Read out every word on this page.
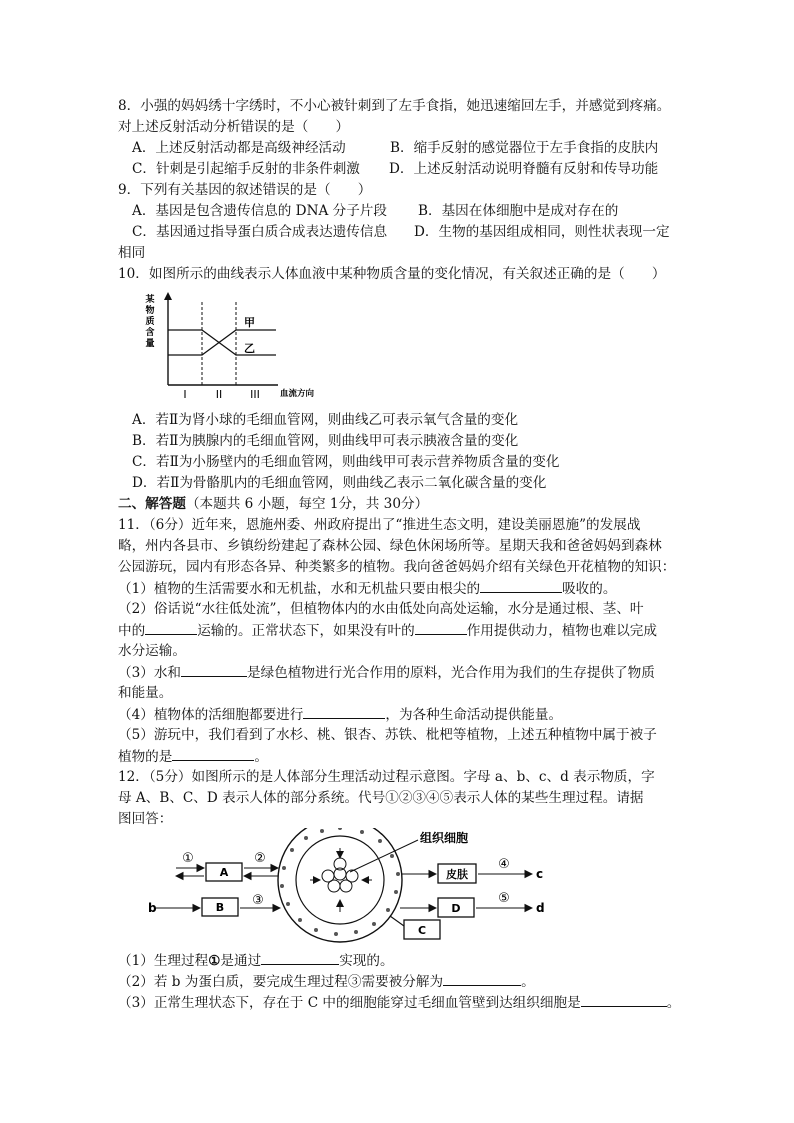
8．小强的妈妈绣十字绣时，不小心被针刺到了左手食指，她迅速缩回左手，并感觉到疼痛。
对上述反射活动分析错误的是（　　）
A．上述反射活动都是高级神经活动	B．缩手反射的感觉器位于左手食指的皮肤内
C．针刺是引起缩手反射的非条件刺激 D．上述反射活动说明脊髓有反射和传导功能
9．下列有关基因的叙述错误的是（　　）
A．基因是包含遗传信息的 DNA 分子片段 B．基因在体细胞中是成对存在的
C．基因通过指导蛋白质合成表达遗传信息 D．生物的基因组成相同，则性状表现一定
相同
10．如图所示的曲线表示人体血液中某种物质含量的变化情况，有关叙述正确的是（　　）
某
物
质
含
量
甲
乙
I	II	III 血流方向
A．若Ⅱ为肾小球的毛细血管网，则曲线乙可表示氧气含量的变化
B．若Ⅱ为胰腺内的毛细血管网，则曲线甲可表示胰液含量的变化
C．若Ⅱ为小肠壁内的毛细血管网，则曲线甲可表示营养物质含量的变化
D．若Ⅱ为骨骼肌内的毛细血管网，则曲线乙表示二氧化碳含量的变化
二、解答题（本题共 6 小题，每空 1分，共 30分）
11．（6分）近年来，恩施州委、州政府提出了“推进生态文明，建设美丽恩施”的发展战
略，州内各县市、乡镇纷纷建起了森林公园、绿色休闲场所等。星期天我和爸爸妈妈到森林
公园游玩，园内有形态各异、种类繁多的植物。我向爸爸妈妈介绍有关绿色开花植物的知识：
（1）植物的生活需要水和无机盐，水和无机盐只要由根尖的	吸收的。
（2）俗话说“水往低处流”，但植物体内的水由低处向高处运输，水分是通过根、茎、叶
中的	运输的。正常状态下，如果没有叶的	作用提供动力，植物也难以完成
水分运输。
（3）水和	是绿色植物进行光合作用的原料，光合作用为我们的生存提供了物质
和能量。
（4）植物体的活细胞都要进行	，为各种生命活动提供能量。
（5）游玩中，我们看到了水杉、桃、银杏、苏铁、枇杷等植物，上述五种植物中属于被子
植物的是	。
12．（5分）如图所示的是人体部分生理活动过程示意图。字母 a、b、c、d 表示物质，字
母 A、B、C、D 表示人体的部分系统。代号①②③④⑤表示人体的某些生理过程。请据
图回答：
组织细胞
A
①	②
B
b	③
皮肤
④
c
D
⑤
d
C
（1）生理过程①是通过	实现的。
（2）若 b 为蛋白质，要完成生理过程③需要被分解为	。
（3）正常生理状态下，存在于 C 中的细胞能穿过毛细血管壁到达组织细胞是	。
